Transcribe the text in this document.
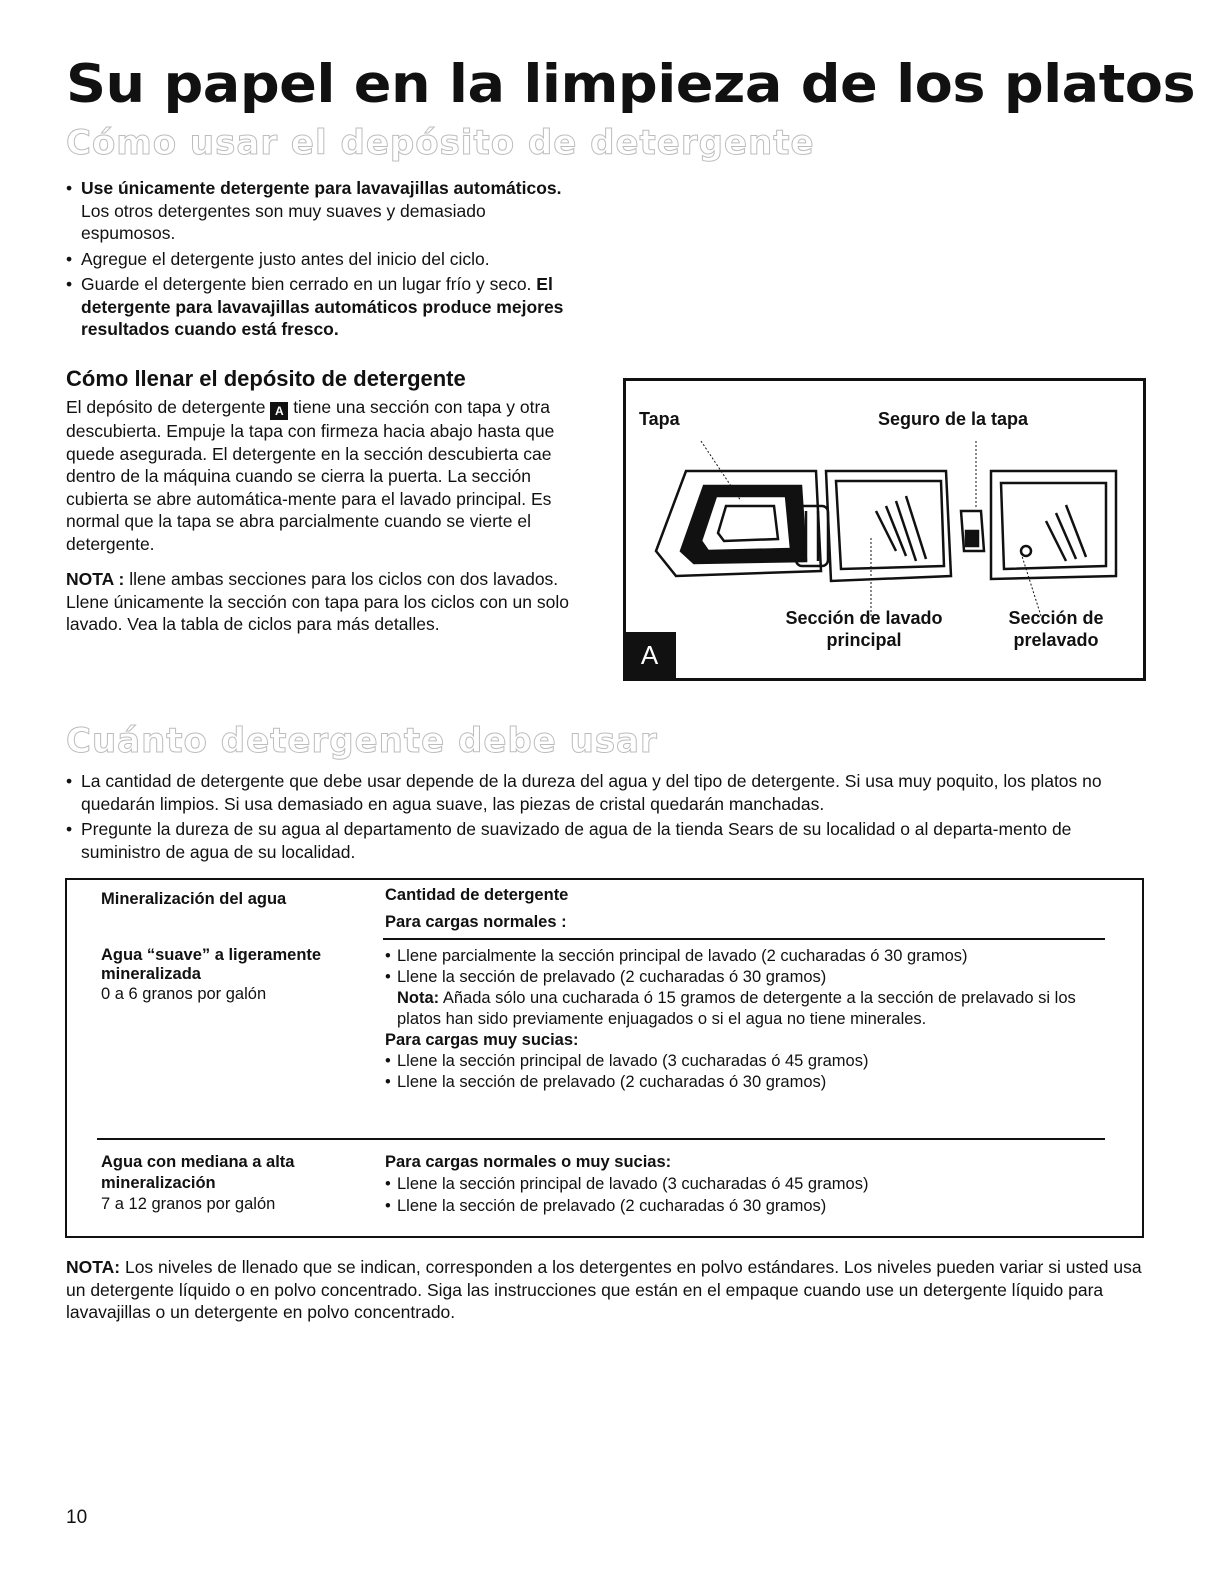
Su papel en la limpieza de los platos
Cómo usar el depósito de detergente
• Use únicamente detergente para lavavajillas automáticos. Los otros detergentes son muy suaves y demasiado espumosos.
• Agregue el detergente justo antes del inicio del ciclo.
• Guarde el detergente bien cerrado en un lugar frío y seco. El detergente para lavavajillas automáticos produce mejores resultados cuando está fresco.
Cómo llenar el depósito de detergente
El depósito de detergente A tiene una sección con tapa y otra descubierta. Empuje la tapa con firmeza hacia abajo hasta que quede asegurada. El detergente en la sección descubierta cae dentro de la máquina cuando se cierra la puerta. La sección cubierta se abre automática-mente para el lavado principal. Es normal que la tapa se abra parcialmente cuando se vierte el detergente.
NOTA : llene ambas secciones para los ciclos con dos lavados. Llene únicamente la sección con tapa para los ciclos con un solo lavado. Vea la tabla de ciclos para más detalles.
Tapa	Seguro de la tapa
Sección de lavado principal
Sección de prelavado
A
Cuánto detergente debe usar
• La cantidad de detergente que debe usar depende de la dureza del agua y del tipo de detergente. Si usa muy poquito, los platos no quedarán limpios. Si usa demasiado en agua suave, las piezas de cristal quedarán manchadas.
• Pregunte la dureza de su agua al departamento de suavizado de agua de la tienda Sears de su localidad o al departa-mento de suministro de agua de su localidad.
Mineralización del agua	Cantidad de detergente
Para cargas normales :
Agua “suave” a ligeramente mineralizada
0 a 6 granos por galón
• Llene parcialmente la sección principal de lavado (2 cucharadas ó 30 gramos)
• Llene la sección de prelavado (2 cucharadas ó 30 gramos)
Nota: Añada sólo una cucharada ó 15 gramos de detergente a la sección de prelavado si los platos han sido previamente enjuagados o si el agua no tiene minerales.
Para cargas muy sucias:
• Llene la sección principal de lavado (3 cucharadas ó 45 gramos)
• Llene la sección de prelavado (2 cucharadas ó 30 gramos)
Agua con mediana a alta mineralización
7 a 12 granos por galón
Para cargas normales o muy sucias:
• Llene la sección principal de lavado (3 cucharadas ó 45 gramos)
• Llene la sección de prelavado (2 cucharadas ó 30 gramos)
NOTA: Los niveles de llenado que se indican, corresponden a los detergentes en polvo estándares. Los niveles pueden variar si usted usa un detergente líquido o en polvo concentrado. Siga las instrucciones que están en el empaque cuando use un detergente líquido para lavavajillas o un detergente en polvo concentrado.
10
